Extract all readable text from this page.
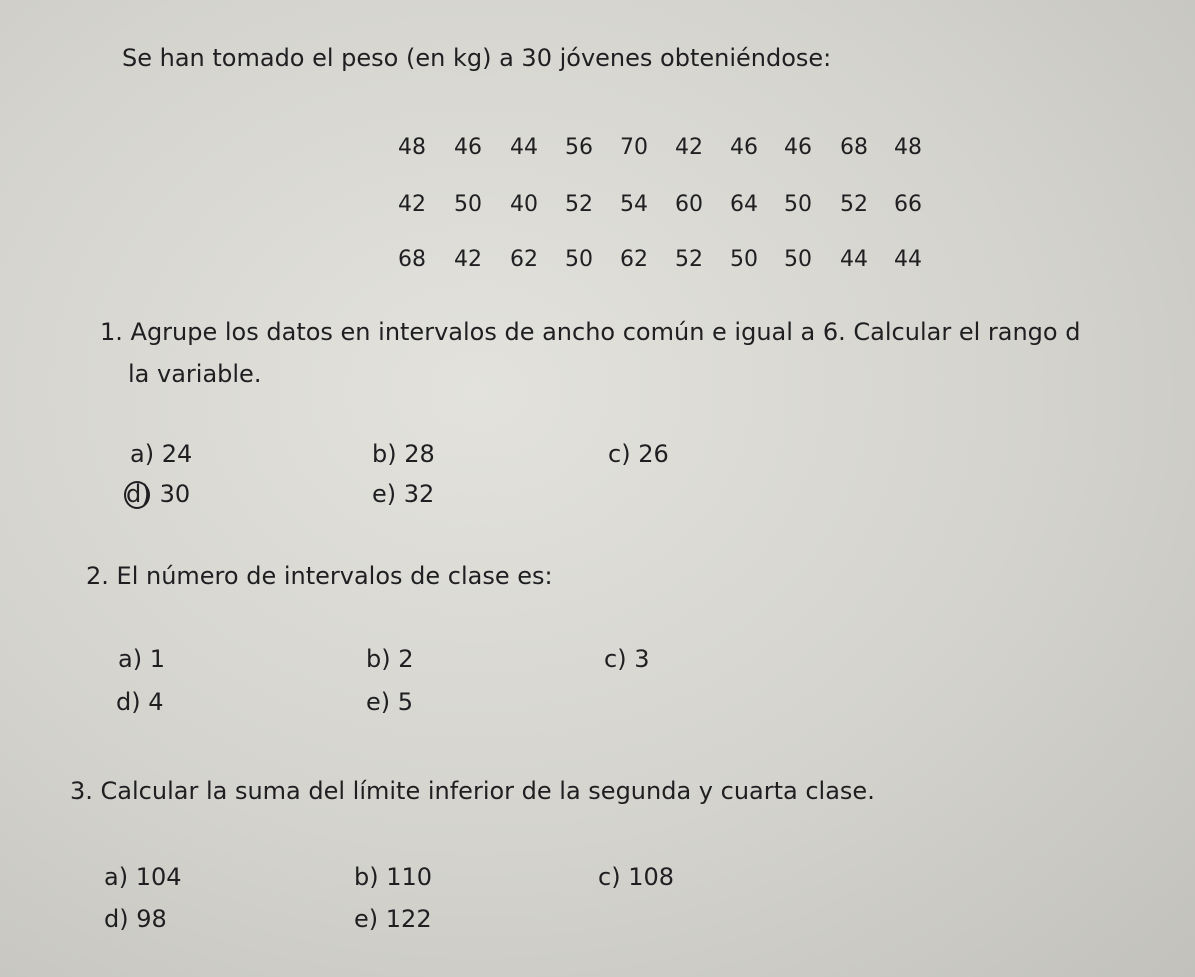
Se han tomado el peso (en kg) a 30 jóvenes obteniéndose:
48	46	44	56	70	42	46	46	68	48
42	50	40	52	54	60	64	50	52	66
68	42	62	50	62	52	50	50	44	44
1. Agrupe los datos en intervalos de ancho común e igual a 6. Calcular el rango d
la variable.
a) 24	b) 28	c) 26
d) 30	e) 32
2. El número de intervalos de clase es:
a) 1	b) 2	c) 3
d) 4	e) 5
3. Calcular la suma del límite inferior de la segunda y cuarta clase.
a) 104	b) 110	c) 108
d) 98	e) 122
